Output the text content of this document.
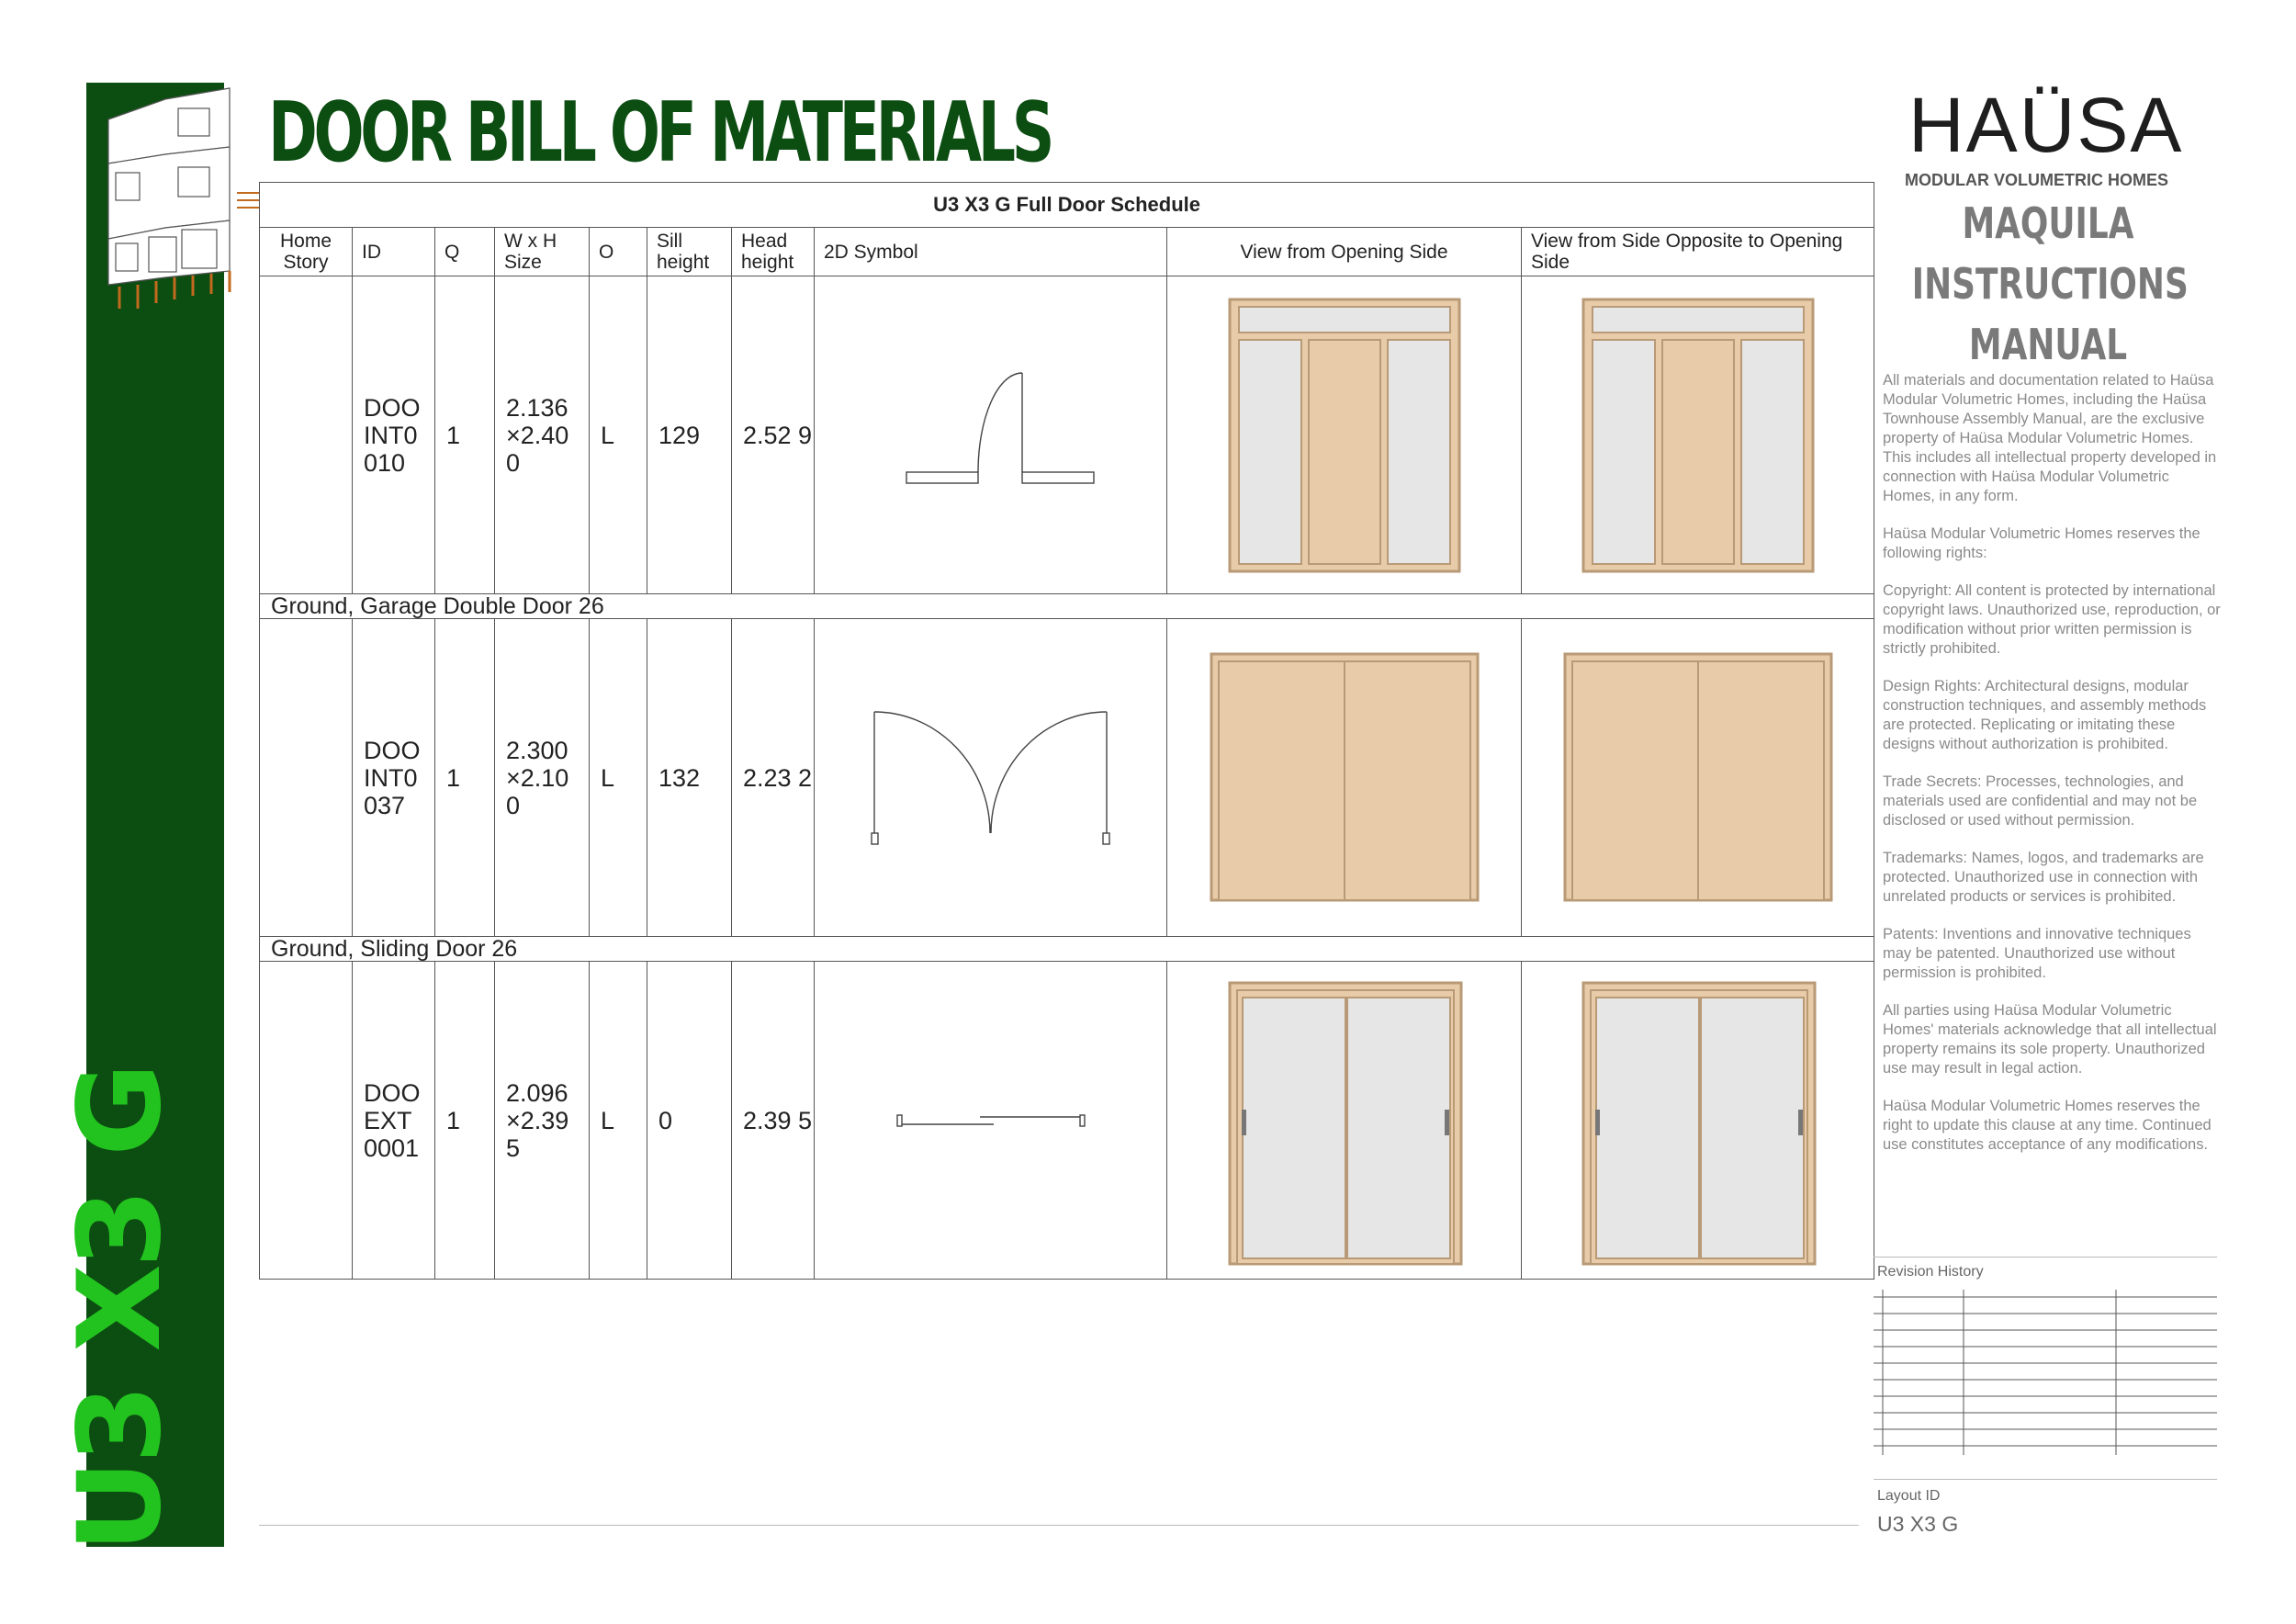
U3 X3 G
DOOR BILL OF MATERIALS
U3 X3 G Full Door Schedule									
Home Story	ID	Q	W x H Size	O	Sill height	Head height	2D Symbol	View from Opening Side	View from Side Opposite to Opening Side
	DOO INT0 010	1	2.136 ×2.40 0	L	129	2.52 9	

Ground, Garage Double Door 26									
	DOO INT0 037	1	2.300 ×2.10 0	L	132	2.23 2	

Ground, Sliding Door 26									
	DOO EXT 0001	1	2.096 ×2.39 5	L	0	2.39 5	

HAÜSA
MODULAR VOLUMETRIC HOMES
MAQUILA
INSTRUCTIONS
MANUAL

All materials and documentation related to Haüsa Modular Volumetric Homes, including the Haüsa Townhouse Assembly Manual, are the exclusive property of Haüsa Modular Volumetric Homes. This includes all intellectual property developed in connection with Haüsa Modular Volumetric Homes, in any form.

Haüsa Modular Volumetric Homes reserves the following rights:

Copyright: All content is protected by international copyright laws. Unauthorized use, reproduction, or modification without prior written permission is strictly prohibited.

Design Rights: Architectural designs, modular construction techniques, and assembly methods are protected. Replicating or imitating these designs without authorization is prohibited.

Trade Secrets: Processes, technologies, and materials used are confidential and may not be disclosed or used without permission.

Trademarks: Names, logos, and trademarks are protected. Unauthorized use in connection with unrelated products or services is prohibited.

Patents: Inventions and innovative techniques may be patented. Unauthorized use without permission is prohibited.

All parties using Haüsa Modular Volumetric Homes' materials acknowledge that all intellectual property remains its sole property. Unauthorized use may result in legal action.

Haüsa Modular Volumetric Homes reserves the right to update this clause at any time. Continued use constitutes acceptance of any modifications.

Revision History
Layout ID
U3 X3 G
